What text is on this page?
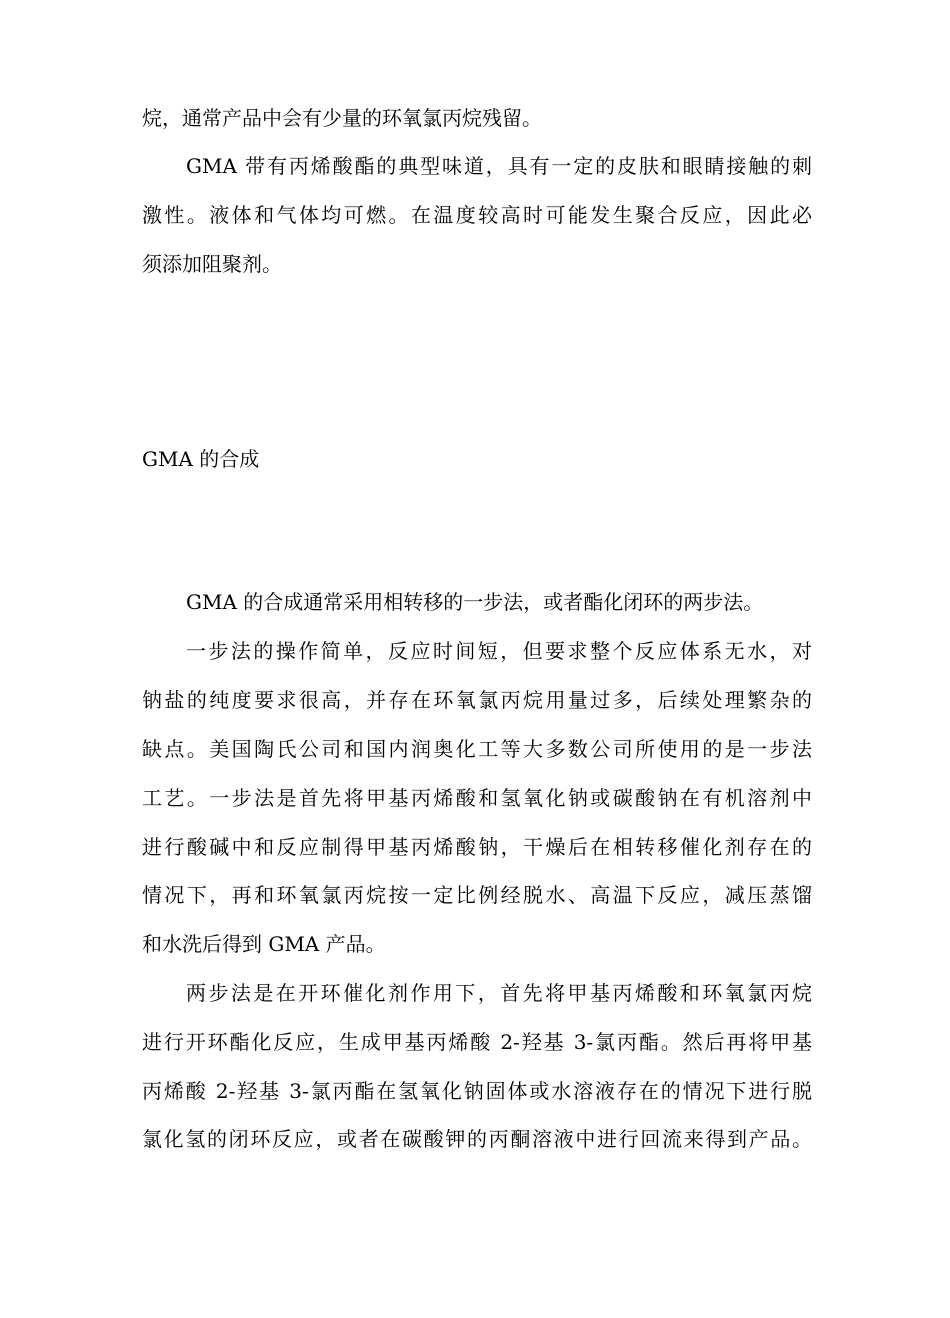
烷，通常产品中会有少量的环氧氯丙烷残留。
GMA 带有丙烯酸酯的典型味道，具有一定的皮肤和眼睛接触的刺
激性。液体和气体均可燃。在温度较高时可能发生聚合反应，因此必
须添加阻聚剂。
GMA 的合成
GMA 的合成通常采用相转移的一步法，或者酯化闭环的两步法。
一步法的操作简单，反应时间短，但要求整个反应体系无水，对
钠盐的纯度要求很高，并存在环氧氯丙烷用量过多，后续处理繁杂的
缺点。美国陶氏公司和国内润奥化工等大多数公司所使用的是一步法
工艺。一步法是首先将甲基丙烯酸和氢氧化钠或碳酸钠在有机溶剂中
进行酸碱中和反应制得甲基丙烯酸钠，干燥后在相转移催化剂存在的
情况下，再和环氧氯丙烷按一定比例经脱水、高温下反应，减压蒸馏
和水洗后得到 GMA 产品。
两步法是在开环催化剂作用下，首先将甲基丙烯酸和环氧氯丙烷
进行开环酯化反应，生成甲基丙烯酸 2-羟基 3-氯丙酯。然后再将甲基
丙烯酸 2-羟基 3-氯丙酯在氢氧化钠固体或水溶液存在的情况下进行脱
氯化氢的闭环反应，或者在碳酸钾的丙酮溶液中进行回流来得到产品。
